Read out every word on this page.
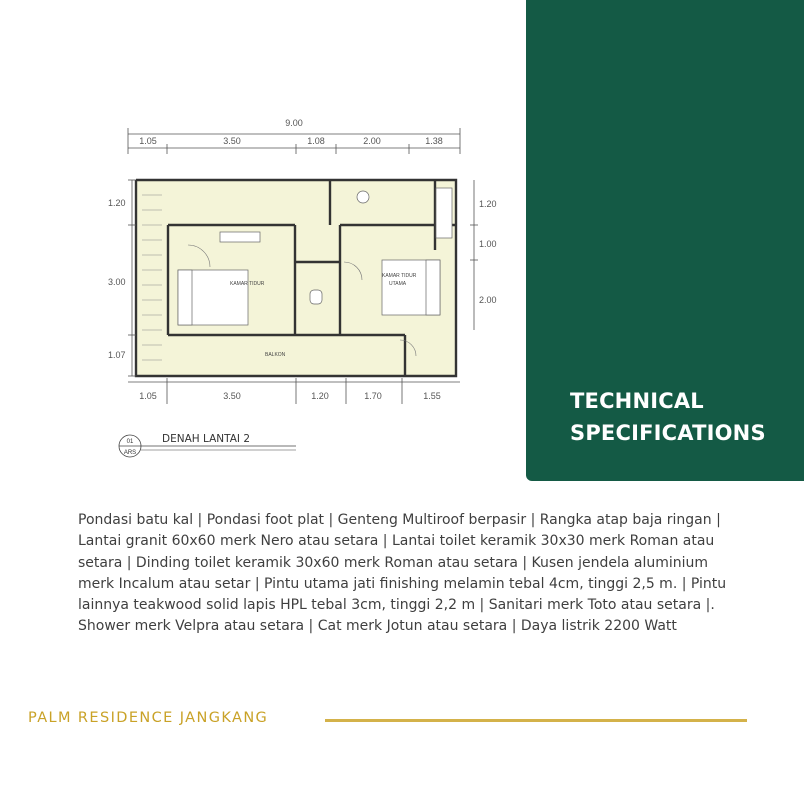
9.00
1.05	3.50	1.08	2.00	1.38
KAMAR TIDUR
KAMAR TIDUR
UTAMA
BALKON
1.20
3.00
1.07
1.20
1.00
2.00
1.05	3.50	1.20	1.70	1.55
01
ARS
DENAH LANTAI 2
TECHNICAL
SPECIFICATIONS

Pondasi batu kal | Pondasi foot plat | Genteng Multiroof berpasir | Rangka atap baja ringan | Lantai granit 60x60 merk Nero atau setara | Lantai toilet keramik 30x30 merk Roman atau setara | Dinding toilet keramik 30x60 merk Roman atau setara | Kusen jendela aluminium merk Incalum atau setar | Pintu utama jati finishing melamin tebal 4cm, tinggi 2,5 m. | Pintu lainnya teakwood solid lapis HPL tebal 3cm, tinggi 2,2 m | Sanitari merk Toto atau setara |. Shower merk Velpra atau setara | Cat merk Jotun atau setara | Daya listrik 2200 Watt

PALM RESIDENCE JANGKANG
